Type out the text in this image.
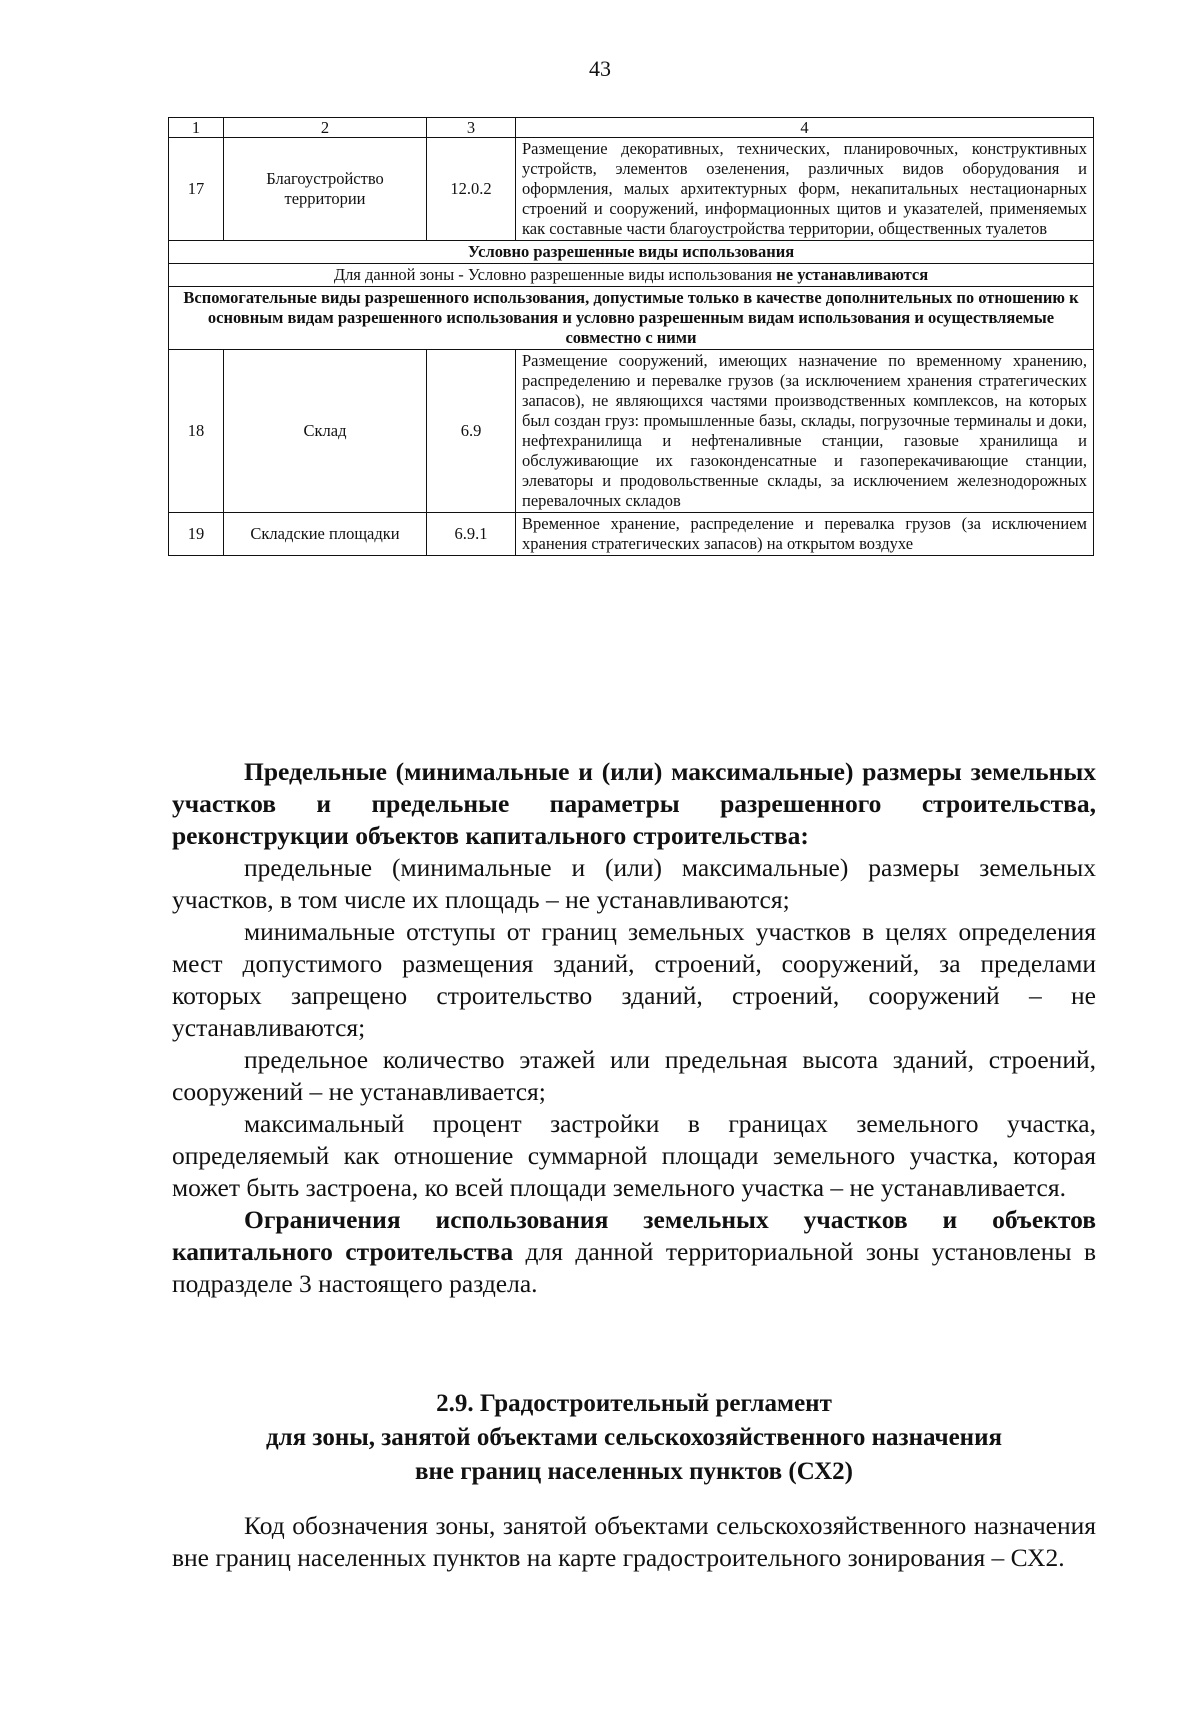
43
1	2	3	4
17	Благоустройство территории	12.0.2	Размещение декоративных, технических, планировочных, конструктивных устройств, элементов озеленения, различных видов оборудования и оформления, малых архитектурных форм, некапитальных нестационарных строений и сооружений, информационных щитов и указателей, применяемых как составные части благоустройства территории, общественных туалетов
Условно разрешенные виды использования			
Для данной зоны - Условно разрешенные виды использования не устанавливаются			
Вспомогательные виды разрешенного использования, допустимые только в качестве дополнительных по отношению к основным видам разрешенного использования и условно разрешенным видам использования и осуществляемые совместно с ними			
18	Склад	6.9	Размещение сооружений, имеющих назначение по временному хранению, распределению и перевалке грузов (за исключением хранения стратегических запасов), не являющихся частями производственных комплексов, на которых был создан груз: промышленные базы, склады, погрузочные терминалы и доки, нефтехранилища и нефтеналивные станции, газовые хранилища и обслуживающие их газоконденсатные и газоперекачивающие станции, элеваторы и продовольственные склады, за исключением железнодорожных перевалочных складов
19	Складские площадки	6.9.1	Временное хранение, распределение и перевалка грузов (за исключением хранения стратегических запасов) на открытом воздухе

Предельные (минимальные и (или) максимальные) размеры земельных участков и предельные параметры разрешенного строительства, реконструкции объектов капитального строительства:

предельные (минимальные и (или) максимальные) размеры земельных участков, в том числе их площадь – не устанавливаются;

минимальные отступы от границ земельных участков в целях определения мест допустимого размещения зданий, строений, сооружений, за пределами которых запрещено строительство зданий, строений, сооружений – не устанавливаются;

предельное количество этажей или предельная высота зданий, строений, сооружений – не устанавливается;

максимальный процент застройки в границах земельного участка, определяемый как отношение суммарной площади земельного участка, которая может быть застроена, ко всей площади земельного участка – не устанавливается.

Ограничения использования земельных участков и объектов капитального строительства для данной территориальной зоны установлены в подразделе 3 настоящего раздела.

2.9. Градостроительный регламент
для зоны, занятой объектами сельскохозяйственного назначения
вне границ населенных пунктов (СХ2)

Код обозначения зоны, занятой объектами сельскохозяйственного назначения вне границ населенных пунктов на карте градостроительного зонирования – СХ2.
